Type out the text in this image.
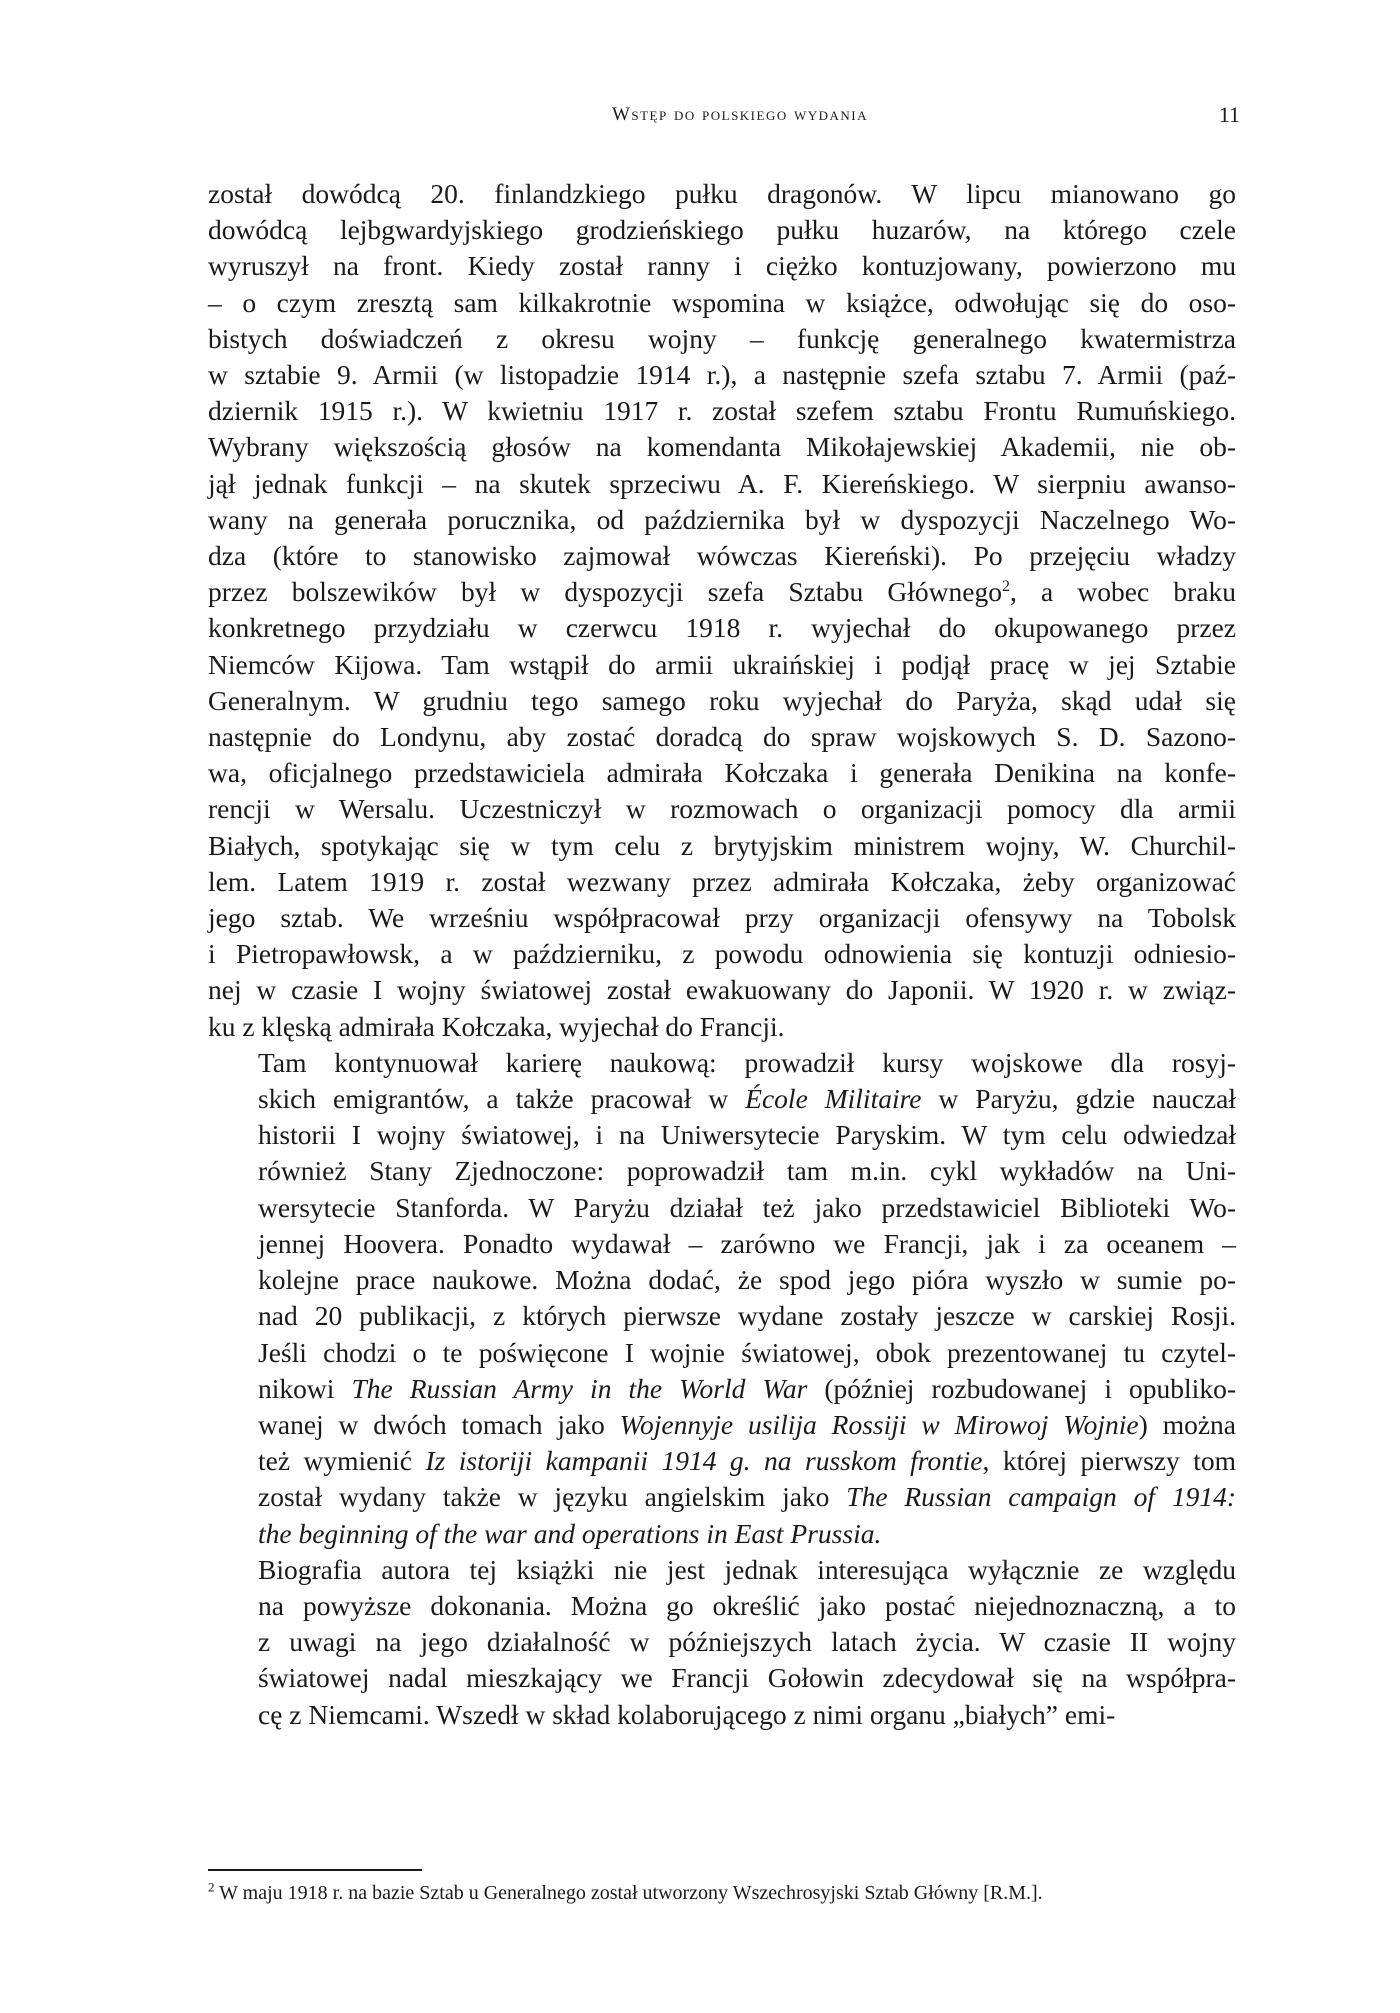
Wstęp do polskiego wydania	11

został dowódcą 20. finlandzkiego pułku dragonów. W lipcu mianowano go
dowódcą lejbgwardyjskiego grodzieńskiego pułku huzarów, na którego czele
wyruszył na front. Kiedy został ranny i ciężko kontuzjowany, powierzono mu
– o czym zresztą sam kilkakrotnie wspomina w książce, odwołując się do oso-
bistych doświadczeń z okresu wojny – funkcję generalnego kwatermistrza
w sztabie 9. Armii (w listopadzie 1914 r.), a następnie szefa sztabu 7. Armii (paź-
dziernik 1915 r.). W kwietniu 1917 r. został szefem sztabu Frontu Rumuńskiego.
Wybrany większością głosów na komendanta Mikołajewskiej Akademii, nie ob-
jął jednak funkcji – na skutek sprzeciwu A. F. Kiereńskiego. W sierpniu awanso-
wany na generała porucznika, od października był w dyspozycji Naczelnego Wo-
dza (które to stanowisko zajmował wówczas Kiereński). Po przejęciu władzy
przez bolszewików był w dyspozycji szefa Sztabu Głównego$^2$, a wobec braku
konkretnego przydziału w czerwcu 1918 r. wyjechał do okupowanego przez
Niemców Kijowa. Tam wstąpił do armii ukraińskiej i podjął pracę w jej Sztabie
Generalnym. W grudniu tego samego roku wyjechał do Paryża, skąd udał się
następnie do Londynu, aby zostać doradcą do spraw wojskowych S. D. Sazono-
wa, oficjalnego przedstawiciela admirała Kołczaka i generała Denikina na konfe-
rencji w Wersalu. Uczestniczył w rozmowach o organizacji pomocy dla armii
Białych, spotykając się w tym celu z brytyjskim ministrem wojny, W. Churchil-
lem. Latem 1919 r. został wezwany przez admirała Kołczaka, żeby organizować
jego sztab. We wrześniu współpracował przy organizacji ofensywy na Tobolsk
i Pietropawłowsk, a w październiku, z powodu odnowienia się kontuzji odniesio-
nej w czasie I wojny światowej został ewakuowany do Japonii. W 1920 r. w związ-
ku z klęską admirała Kołczaka, wyjechał do Francji.

Tam kontynuował karierę naukową: prowadził kursy wojskowe dla rosyj-
skich emigrantów, a także pracował w École Militaire w Paryżu, gdzie nauczał
historii I wojny światowej, i na Uniwersytecie Paryskim. W tym celu odwiedzał
również Stany Zjednoczone: poprowadził tam m.in. cykl wykładów na Uni-
wersytecie Stanforda. W Paryżu działał też jako przedstawiciel Biblioteki Wo-
jennej Hoovera. Ponadto wydawał – zarówno we Francji, jak i za oceanem –
kolejne prace naukowe. Można dodać, że spod jego pióra wyszło w sumie po-
nad 20 publikacji, z których pierwsze wydane zostały jeszcze w carskiej Rosji.
Jeśli chodzi o te poświęcone I wojnie światowej, obok prezentowanej tu czytel-
nikowi The Russian Army in the World War (później rozbudowanej i opubliko-
wanej w dwóch tomach jako Wojennyje usilija Rossiji w Mirowoj Wojnie) można
też wymienić Iz istoriji kampanii 1914 g. na russkom frontie, której pierwszy tom
został wydany także w języku angielskim jako The Russian campaign of 1914:
the beginning of the war and operations in East Prussia.

Biografia autora tej książki nie jest jednak interesująca wyłącznie ze względu
na powyższe dokonania. Można go określić jako postać niejednoznaczną, a to
z uwagi na jego działalność w późniejszych latach życia. W czasie II wojny
światowej nadal mieszkający we Francji Gołowin zdecydował się na współpra-
cę z Niemcami. Wszedł w skład kolaborującego z nimi organu „białych” emi-

$^2$ W maju 1918 r. na bazie Sztab u Generalnego został utworzony Wszechrosyjski Sztab Główny [R.M.].
